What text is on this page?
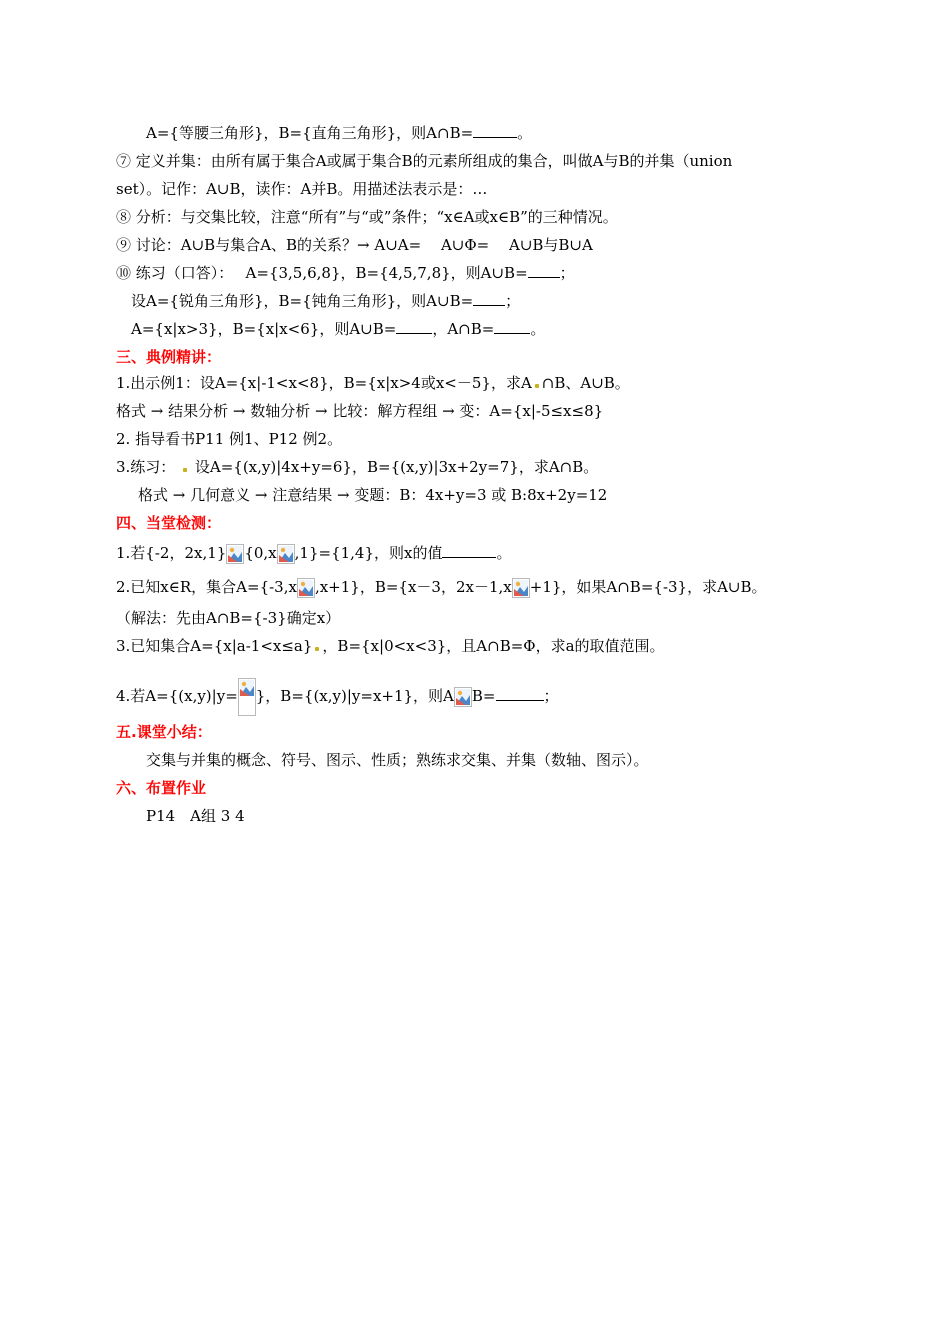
A={等腰三角形}，B={直角三角形}，则A∩B=	。
⑦ 定义并集：由所有属于集合A或属于集合B的元素所组成的集合，叫做A与B的并集（union
set）。记作：A∪B，读作：A并B。用描述法表示是：…
⑧ 分析：与交集比较，注意“所有”与“或”条件；“x∈A或x∈B”的三种情况。
⑨ 讨论：A∪B与集合A、B的关系？→ A∪A=　 A∪Φ=　 A∪B与B∪A
⑩ 练习（口答）：　 A={3,5,6,8}，B={4,5,7,8}，则A∪B= ；
设A={锐角三角形}，B={钝角三角形}，则A∪B= ；
A={x|x>3}，B={x|x<6}，则A∪B= ，A∩B= 。
三、典例精讲：
1.出示例1：设A={x|-1<x<8}，B={x|x>4或x<－5}，求A ∩B、A∪B。
格式 → 结果分析 → 数轴分析 → 比较：解方程组 → 变：A={x|-5≤x≤8}
2. 指导看书P11 例1、P12 例2。
3.练习： 设A={(x,y)|4x+y=6}，B={(x,y)|3x+2y=7}，求A∩B。
格式 → 几何意义 → 注意结果 → 变题：B：4x+y=3 或 B:8x+2y=12
四、当堂检测：
1.若{-2，2x,1} {0,x ,1}={1,4}，则x的值	。
2.已知x∈R，集合A={-3,x ,x+1}，B={x－3，2x－1,x +1}，如果A∩B={-3}，求A∪B。
（解法：先由A∩B={-3}确定x）
3.已知集合A={x|a-1<x≤a} ，B={x|0<x<3}，且A∩B=Φ，求a的取值范围。
4.若A={(x,y)|y= }，B={(x,y)|y=x+1}，则A B=	；
五.课堂小结：
交集与并集的概念、符号、图示、性质；熟练求交集、并集（数轴、图示）。
六、布置作业
P14　A组 3 4
